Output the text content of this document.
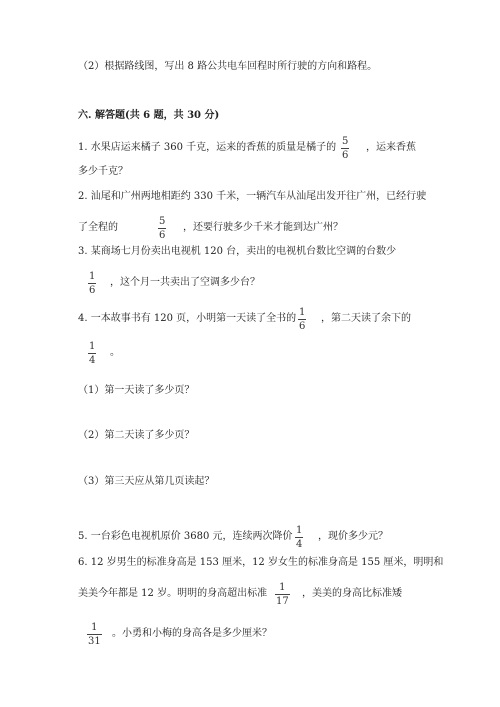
（2）根据路线图，写出 8 路公共电车回程时所行驶的方向和路程。
六. 解答题(共 6 题，共 30 分)
1. 水果店运来橘子 360 千克，运来的香蕉的质量是橘子的
5
6
，运来香蕉
多少千克？
2. 汕尾和广州两地相距约 330 千米，一辆汽车从汕尾出发开往广州，已经行驶
了全程的
5
6
，还要行驶多少千米才能到达广州？
3. 某商场七月份卖出电视机 120 台，卖出的电视机台数比空调的台数少
1
6
，这个月一共卖出了空调多少台？
4. 一本故事书有 120 页，小明第一天读了全书的
1
6
，第二天读了余下的
1
4
。
（1）第一天读了多少页？
（2）第二天读了多少页？
（3）第三天应从第几页读起？
5. 一台彩色电视机原价 3680 元，连续两次降价
1
4
，现价多少元？
6. 12 岁男生的标准身高是 153 厘米，12 岁女生的标准身高是 155 厘米，明明和
美美今年都是 12 岁。明明的身高超出标准
1
17
，美美的身高比标准矮
1
31
。小勇和小梅的身高各是多少厘米？
